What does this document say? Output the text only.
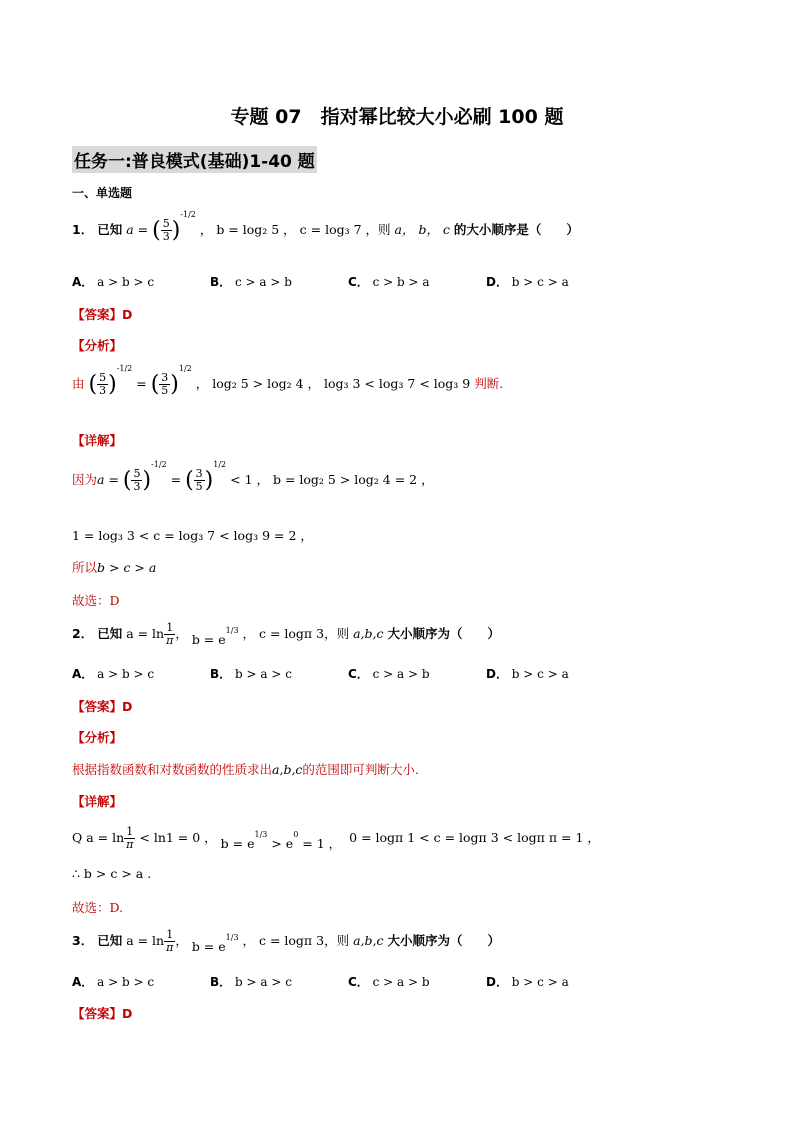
专题 07　指对幂比较大小必刷 100 题
任务一:普良模式(基础)1-40 题
一、单选题
1． 已知 a = ( $\frac{5}{3} )^{-1/2}$ ， b = log₂ 5 ， c = log₃ 7 ，则 a， b， c 的大小顺序是（　　）
A． a > b > c	B． c > a > b	C． c > b > a	D． b > c > a
【答案】D
【分析】
由 ( $\frac{5}{3} )^{-1/2}$ = ( $\frac{3}{5} )^{1/2}$ ， log₂ 5 > log₂ 4 ， log₃ 3 < log₃ 7 < log₃ 9 判断.
【详解】
因为a = ( $\frac{5}{3} )^{-1/2}$ = ( $\frac{3}{5} )^{1/2} < 1$ ， b = log₂ 5 > log₂ 4 = 2 ，
1 = log₃ 3 < c = log₃ 7 < log₃ 9 = 2 ，
所以b > c > a
故选：D
2． 已知 $a = \ln \frac{1}{\pi}$ ， $b = e^{1/3}$ ， c = logπ 3，则 a,b,c 大小顺序为（　　）
A． a > b > c	B． b > a > c	C． c > a > b	D． b > c > a
【答案】D
【分析】
根据指数函数和对数函数的性质求出a,b,c的范围即可判断大小.
【详解】
Q $a = \ln \frac{1}{\pi} < \ln 1 = 0$ ， $b = e^{1/3} > e^0 = 1$ ， 0 = logπ 1 < c = logπ 3 < logπ π = 1 ，
∴ b > c > a .
故选：D.
3． 已知 $a = \ln \frac{1}{\pi}$ ， $b = e^{1/3}$ ， c = logπ 3，则 a,b,c 大小顺序为（　　）
A． a > b > c	B． b > a > c	C． c > a > b	D． b > c > a
【答案】D
